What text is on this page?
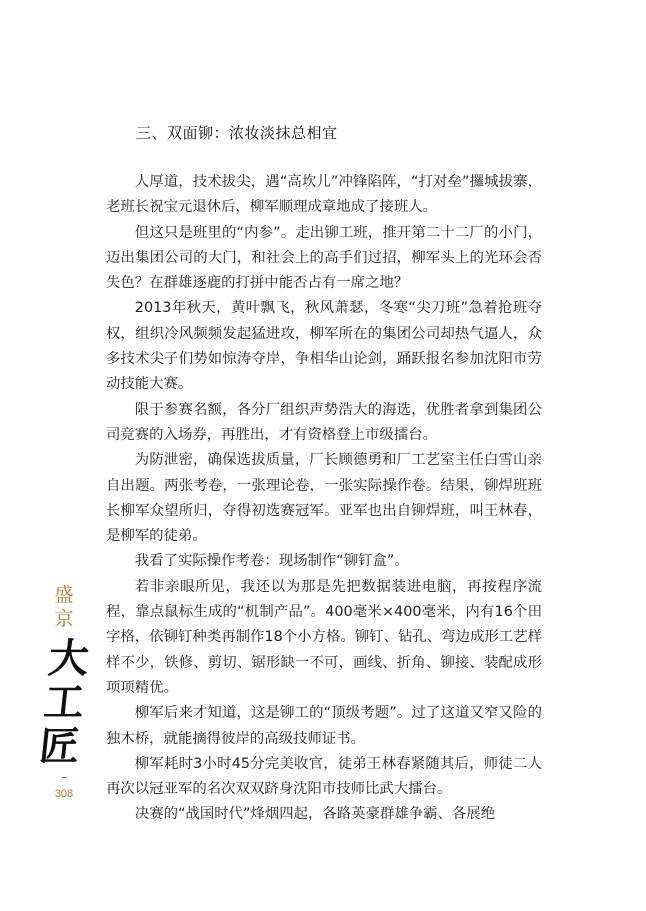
三、双面铆：浓妆淡抹总相宜

人厚道，技术拔尖，遇“高坎儿”冲锋陷阵，“打对垒”攞城拔寨，老班长祝宝元退休后，柳军顺理成章地成了接班人。

但这只是班里的“内参”。走出铆工班，推开第二十二厂的小门，迈出集团公司的大门，和社会上的高手们过招，柳军头上的光环会否失色？在群雄逐鹿的打拼中能否占有一席之地？

2013年秋天，黄叶飘飞，秋风萧瑟，冬寒“尖刀班”急着抢班夺权，组织冷风频频发起猛进攻，柳军所在的集团公司却热气逼人，众多技术尖子们势如惊涛夺岸，争相华山论剑，踊跃报名参加沈阳市劳动技能大赛。

限于参赛名额，各分厂组织声势浩大的海选，优胜者拿到集团公司竞赛的入场券，再胜出，才有资格登上市级擂台。

为防泄密，确保选拔质量，厂长顾德勇和厂工艺室主任白雪山亲自出题。两张考卷，一张理论卷，一张实际操作卷。结果，铆焊班班长柳军众望所归，夺得初选赛冠军。亚军也出自铆焊班，叫王林春，是柳军的徒弟。

我看了实际操作考卷：现场制作“铆钉盒”。

若非亲眼所见，我还以为那是先把数据装进电脑，再按程序流程，靠点鼠标生成的“机制产品”。400毫米×400毫米，内有16个田字格，依铆钉种类再制作18个小方格。铆钉、钻孔、弯边成形工艺样样不少，铁修、剪切、锯形缺一不可，画线、折角、铆接、装配成形项项精优。

柳军后来才知道，这是铆工的“顶级考题”。过了这道又窄又险的独木桥，就能摘得彼岸的高级技师证书。

柳军耗时3小时45分完美收官，徒弟王林春紧随其后，师徒二人再次以冠亚军的名次双双跻身沈阳市技师比武大擂台。

决赛的“战国时代”烽烟四起，各路英豪群雄争霸、各展绝

盛京
大工匠
308
